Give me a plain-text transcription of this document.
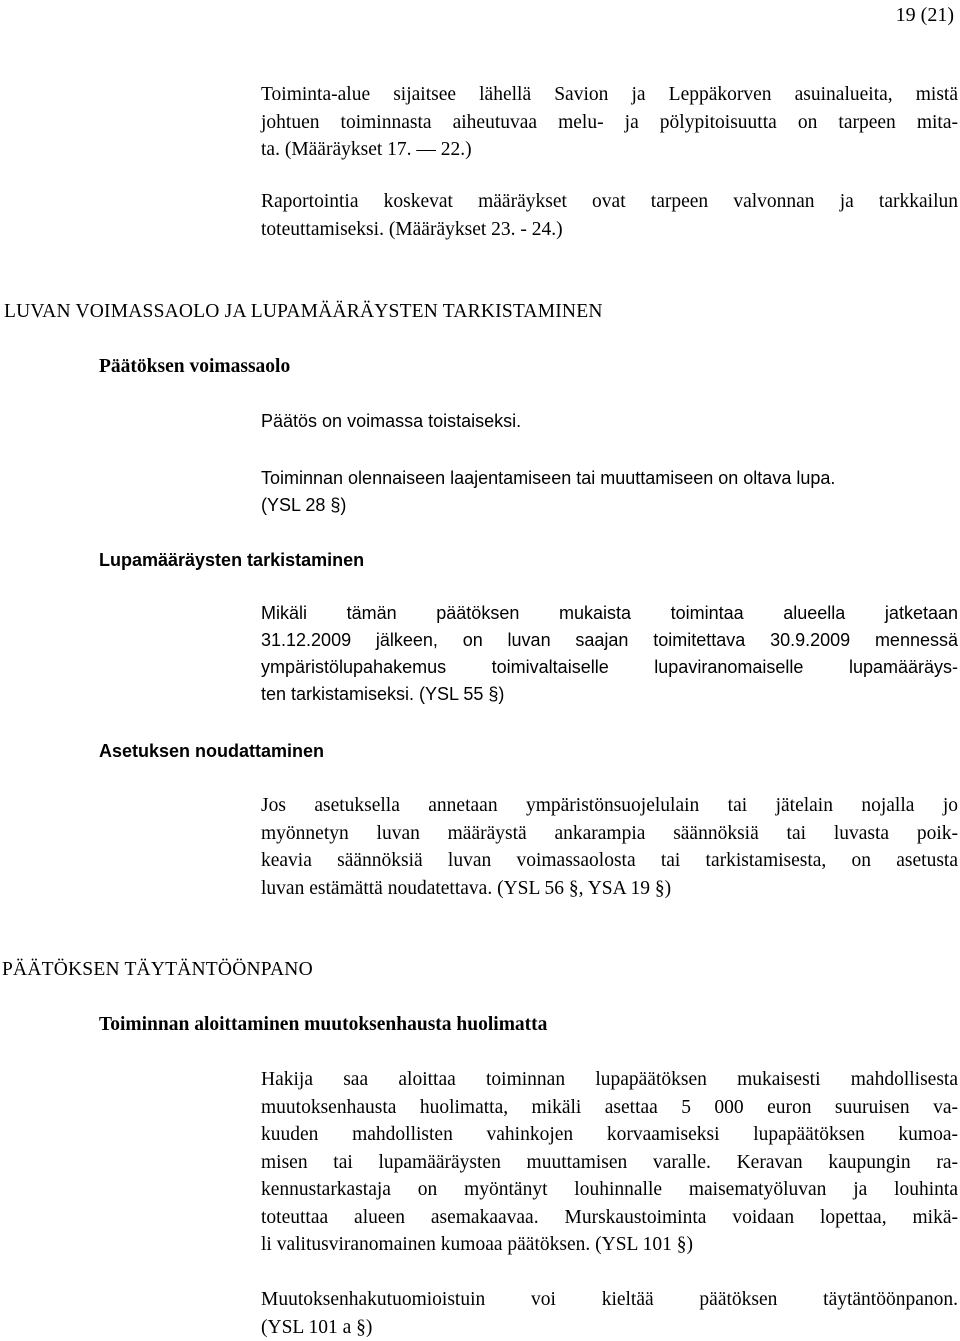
19 (21)

Toiminta-alue sijaitsee lähellä Savion ja Leppäkorven asuinalueita, mistä
johtuen toiminnasta aiheutuvaa melu- ja pölypitoisuutta on tarpeen mita-
ta. (Määräykset 17. — 22.)

Raportointia koskevat määräykset ovat tarpeen valvonnan ja tarkkailun
toteuttamiseksi. (Määräykset 23. - 24.)

LUVAN VOIMASSAOLO JA LUPAMÄÄRÄYSTEN TARKISTAMINEN
Päätöksen voimassaolo

Päätös on voimassa toistaiseksi.

Toiminnan olennaiseen laajentamiseen tai muuttamiseen on oltava lupa.
(YSL 28 §)

Lupamääräysten tarkistaminen

Mikäli tämän päätöksen mukaista toimintaa alueella jatketaan
31.12.2009 jälkeen, on luvan saajan toimitettava 30.9.2009 mennessä
ympäristölupahakemus toimivaltaiselle lupaviranomaiselle lupamääräys-
ten tarkistamiseksi. (YSL 55 §)

Asetuksen noudattaminen

Jos asetuksella annetaan ympäristönsuojelulain tai jätelain nojalla jo
myönnetyn luvan määräystä ankarampia säännöksiä tai luvasta poik-
keavia säännöksiä luvan voimassaolosta tai tarkistamisesta, on asetusta
luvan estämättä noudatettava. (YSL 56 §, YSA 19 §)

PÄÄTÖKSEN TÄYTÄNTÖÖNPANO
Toiminnan aloittaminen muutoksenhausta huolimatta

Hakija saa aloittaa toiminnan lupapäätöksen mukaisesti mahdollisesta
muutoksenhausta huolimatta, mikäli asettaa 5 000 euron suuruisen va-
kuuden mahdollisten vahinkojen korvaamiseksi lupapäätöksen kumoa-
misen tai lupamääräysten muuttamisen varalle. Keravan kaupungin ra-
kennustarkastaja on myöntänyt louhinnalle maisematyöluvan ja louhinta
toteuttaa alueen asemakaavaa. Murskaustoiminta voidaan lopettaa, mikä-
li valitusviranomainen kumoaa päätöksen. (YSL 101 §)

Muutoksenhakutuomioistuin voi kieltää päätöksen täytäntöönpanon.
(YSL 101 a §)
